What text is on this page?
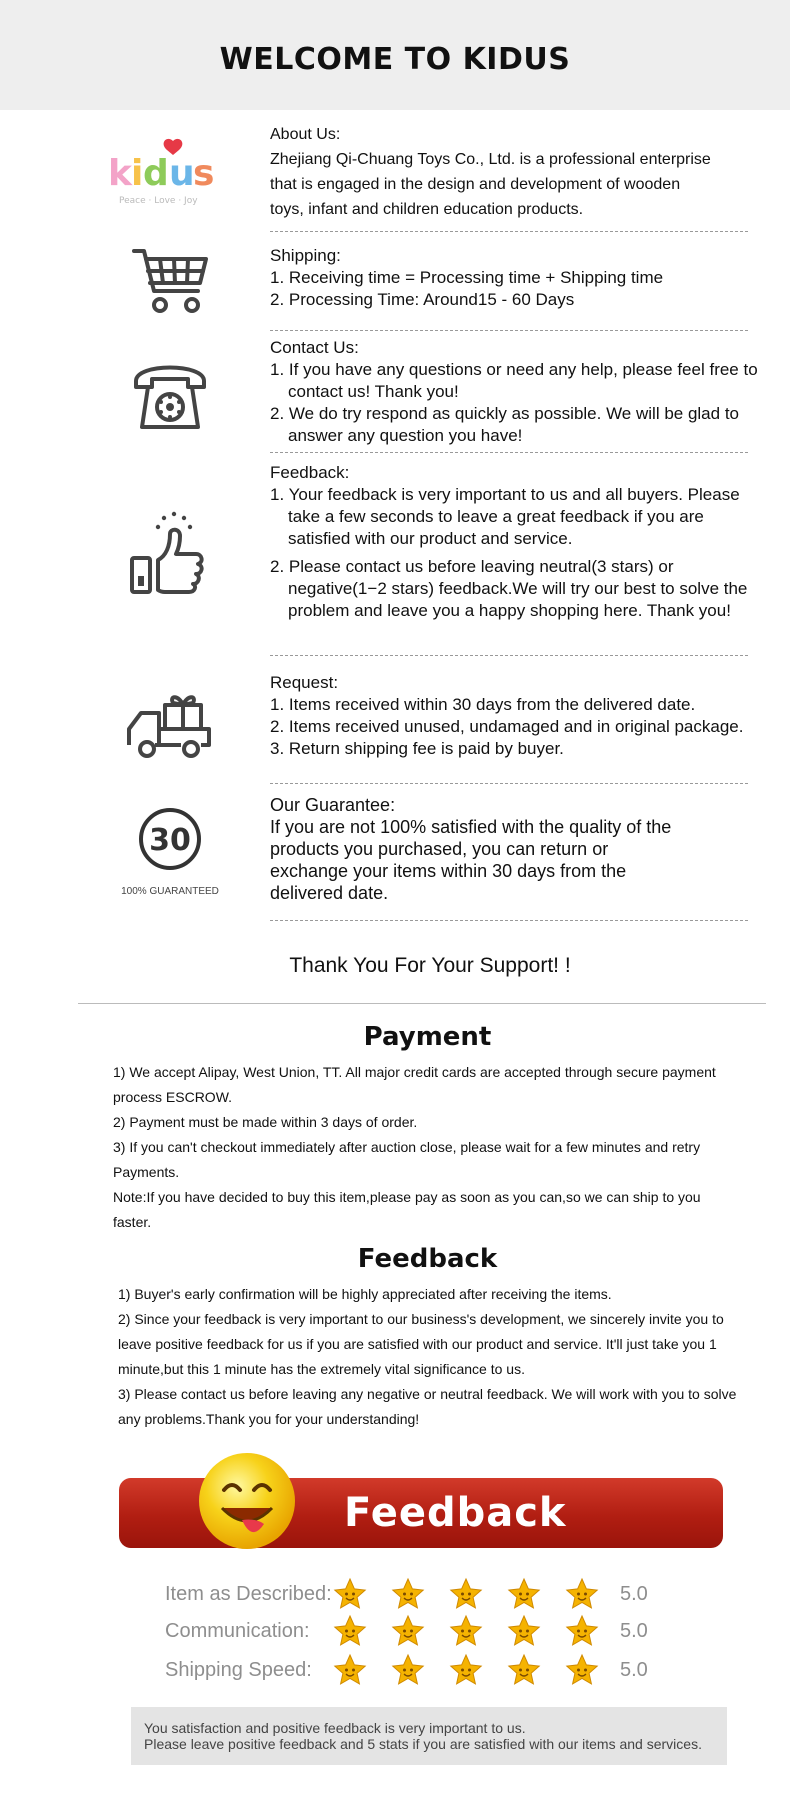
WELCOME TO KIDUS
k i d u
s
Peace · Love · Joy
About Us:
Zhejiang Qi-Chuang Toys Co., Ltd. is a professional enterprise
that is engaged in the design and development of wooden
toys, infant and children education products.
Shipping:
1. Receiving time = Processing time + Shipping time
2. Processing Time: Around15 - 60 Days
Contact Us:
1. If you have any questions or need any help, please feel free to contact us! Thank you!
2. We do try respond as quickly as possible. We will be glad to answer any question you have!
Feedback:
1. Your feedback is very important to us and all buyers. Please take a few seconds to leave a great feedback if you are satisfied with our product and service.
2. Please contact us before leaving neutral(3 stars) or negative(1−2 stars) feedback.We will try our best to solve the problem and leave you a happy shopping here. Thank you!
Request:
1. Items received within 30 days from the delivered date.
2. Items received unused, undamaged and in original package.
3. Return shipping fee is paid by buyer.
30
100% GUARANTEED
Our Guarantee:
If you are not 100% satisfied with the quality of the products you purchased, you can return or exchange your items within 30 days from the delivered date.
Thank You For Your Support! !
Payment

1) We accept Alipay, West Union, TT. All major credit cards are accepted through secure payment process ESCROW.

2) Payment must be made within 3 days of order.

3) If you can't checkout immediately after auction close, please wait for a few minutes and retry Payments.

Note:If you have decided to buy this item,please pay as soon as you can,so we can ship to you faster.

Feedback

1) Buyer's early confirmation will be highly appreciated after receiving the items.

2) Since your feedback is very important to our business's development, we sincerely invite you to leave positive feedback for us if you are satisfied with our product and service. It'll just take you 1 minute,but this 1 minute has the extremely vital significance to us.

3) Please contact us before leaving any negative or neutral feedback. We will work with you to solve any problems.Thank you for your understanding!

Feedback
Item as Described:	5.0
Communication:	5.0
Shipping Speed:	5.0

You satisfaction and positive feedback is very important to us.

Please leave positive feedback and 5 stats if you are satisfied with our items and services.
